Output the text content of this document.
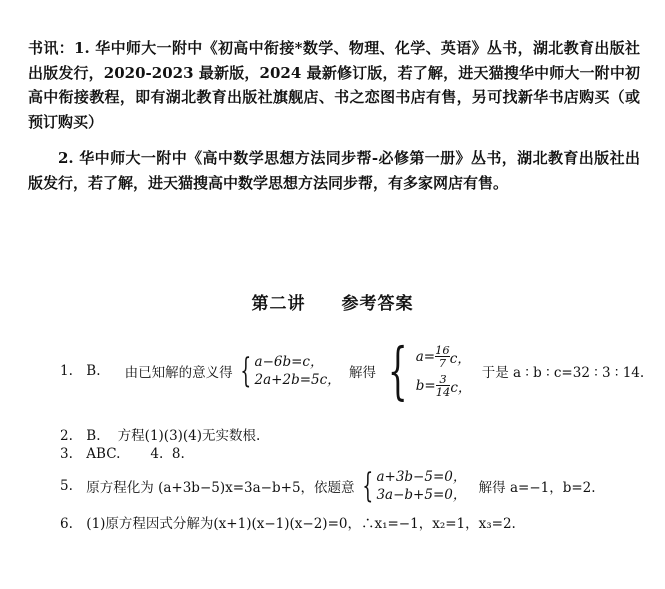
书讯：1. 华中师大一附中《初高中衔接*数学、物理、化学、英语》丛书，湖北教育出版社出版发行，2020-2023 最新版，2024 最新修订版，若了解，进天猫搜华中师大一附中初高中衔接教程，即有湖北教育出版社旗舰店、书之恋图书店有售，另可找新华书店购买（或预订购买）

2. 华中师大一附中《高中数学思想方法同步帮-必修第一册》丛书，湖北教育出版社出版发行，若了解，进天猫搜高中数学思想方法同步帮，有多家网店有售。

第二讲 参考答案
1. B. 由已知解的意义得 { a−6b=c，
2a+2b=5c， 解得 { $a= \frac{16}{7}$ c，
$b= \frac{3}{14}$ c，
于是 a ∶ b ∶ c=32 ∶ 3 ∶ 14.
2. B.    方程(1)(3)(4)无实数根.
3. ABC.       4.  8.
5. 原方程化为 (a+3b−5)x=3a−b+5，依题意 { a+3b−5=0，
3a−b+5=0， 解得 a=−1，b=2.
6. (1)原方程因式分解为(x+1)(x−1)(x−2)=0，∴x₁=−1，x₂=1，x₃=2.
